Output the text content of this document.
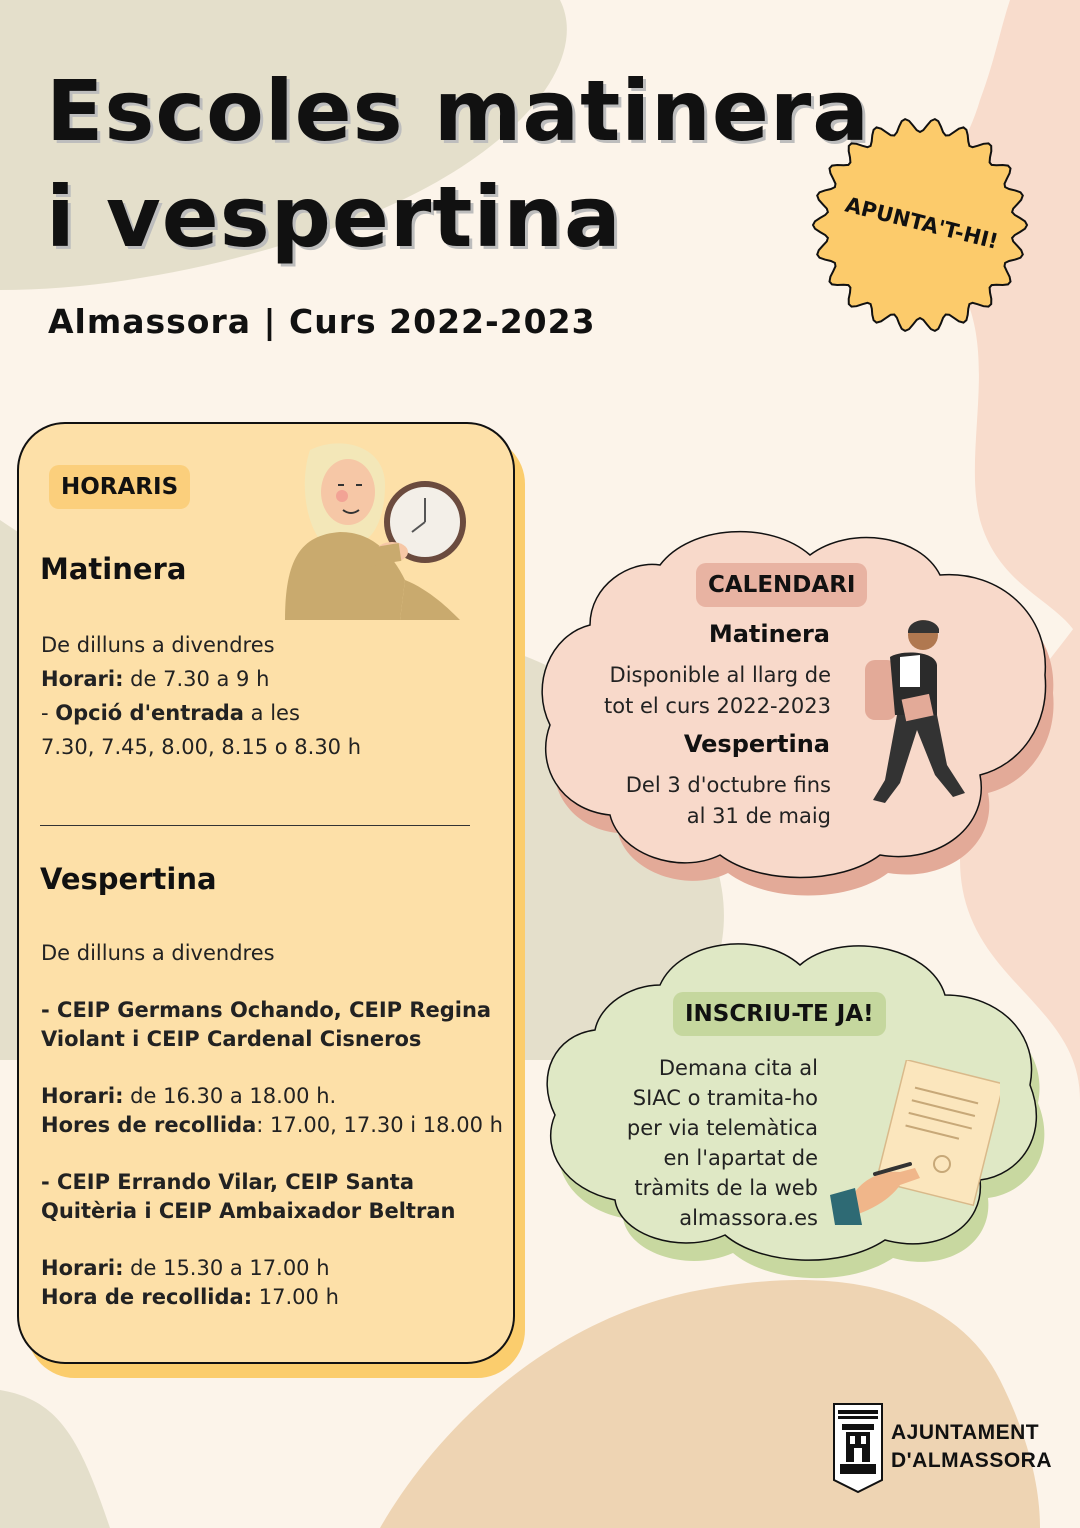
Escoles matinera
i vespertina
Almassora | Curs 2022-2023
APUNTA'T-HI!
HORARIS
Matinera
De dilluns a divendres
Horari: de 7.30 a 9 h
- Opció d'entrada a les
7.30, 7.45, 8.00, 8.15 o 8.30 h
Vespertina
De dilluns a divendres
- CEIP Germans Ochando, CEIP Regina Violant i CEIP Cardenal Cisneros
Horari: de 16.30 a 18.00 h.
Hores de recollida: 17.00, 17.30 i 18.00 h
- CEIP Errando Vilar, CEIP Santa Quitèria i CEIP Ambaixador Beltran
Horari: de 15.30 a 17.00 h
Hora de recollida: 17.00 h
CALENDARI
Matinera
Disponible al llarg de
tot el curs 2022-2023
Vespertina
Del 3 d'octubre fins
al 31 de maig
INSCRIU-TE JA!
Demana cita al
SIAC o tramita-ho
per via telemàtica
en l'apartat de
tràmits de la web
almassora.es
AJUNTAMENT
D'ALMASSORA
